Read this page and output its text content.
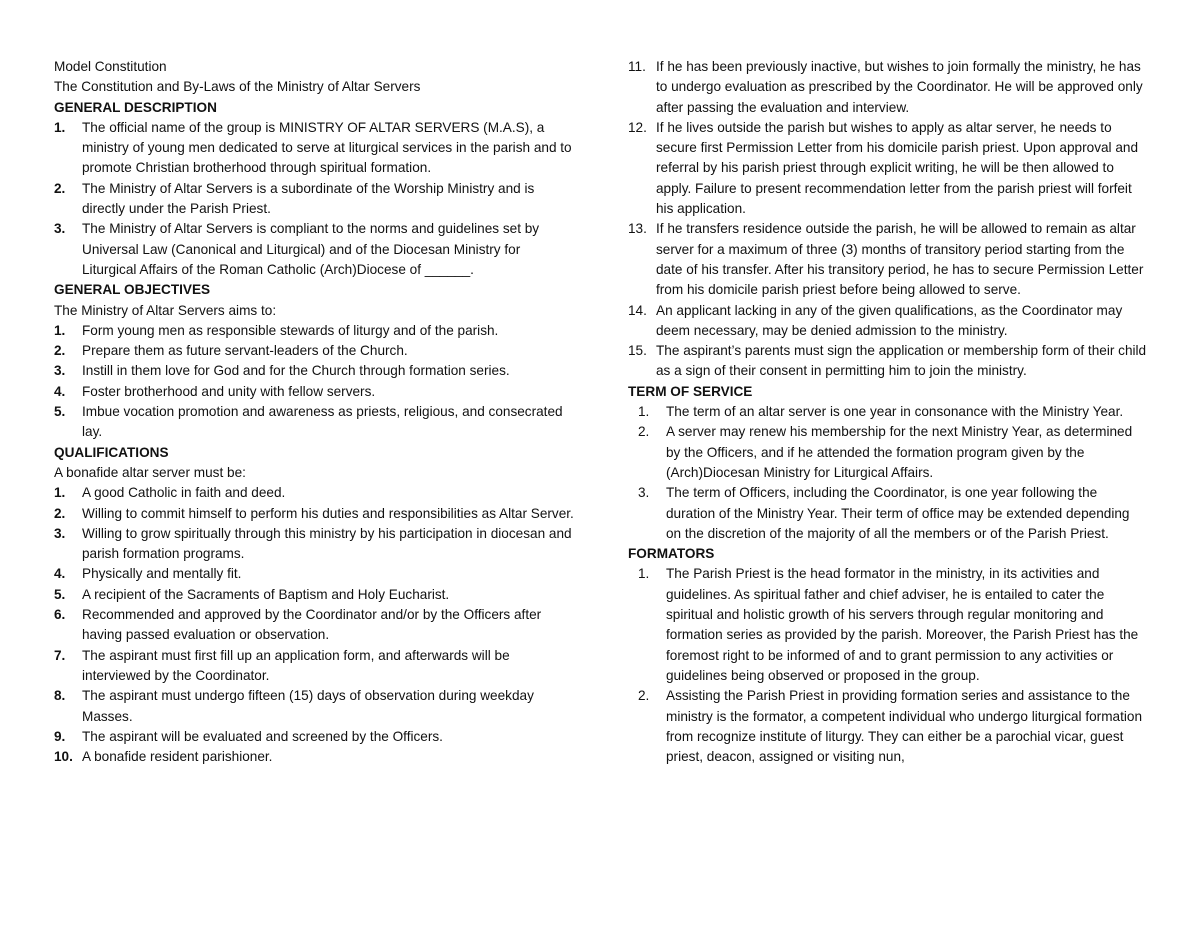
Model Constitution

The Constitution and By-Laws of the Ministry of Altar Servers

GENERAL DESCRIPTION

1. The official name of the group is MINISTRY OF ALTAR SERVERS (M.A.S), a ministry of young men dedicated to serve at liturgical services in the parish and to promote Christian brotherhood through spiritual formation.
2. The Ministry of Altar Servers is a subordinate of the Worship Ministry and is directly under the Parish Priest.
3. The Ministry of Altar Servers is compliant to the norms and guidelines set by Universal Law (Canonical and Liturgical) and of the Diocesan Ministry for Liturgical Affairs of the Roman Catholic (Arch)Diocese of ______.

GENERAL OBJECTIVES

The Ministry of Altar Servers aims to:

1. Form young men as responsible stewards of liturgy and of the parish.
2. Prepare them as future servant-leaders of the Church.
3. Instill in them love for God and for the Church through formation series.
4. Foster brotherhood and unity with fellow servers.
5. Imbue vocation promotion and awareness as priests, religious, and consecrated lay.

QUALIFICATIONS

A bonafide altar server must be:

1. A good Catholic in faith and deed.
2. Willing to commit himself to perform his duties and responsibilities as Altar Server.
3. Willing to grow spiritually through this ministry by his participation in diocesan and parish formation programs.
4. Physically and mentally fit.
5. A recipient of the Sacraments of Baptism and Holy Eucharist.
6. Recommended and approved by the Coordinator and/or by the Officers after having passed evaluation or observation.
7. The aspirant must first fill up an application form, and afterwards will be interviewed by the Coordinator.
8. The aspirant must undergo fifteen (15) days of observation during weekday Masses.
9. The aspirant will be evaluated and screened by the Officers.
10. A bonafide resident parishioner.
11. If he has been previously inactive, but wishes to join formally the ministry, he has to undergo evaluation as prescribed by the Coordinator. He will be approved only after passing the evaluation and interview.
12. If he lives outside the parish but wishes to apply as altar server, he needs to secure first Permission Letter from his domicile parish priest. Upon approval and referral by his parish priest through explicit writing, he will be then allowed to apply. Failure to present recommendation letter from the parish priest will forfeit his application.
13. If he transfers residence outside the parish, he will be allowed to remain as altar server for a maximum of three (3) months of transitory period starting from the date of his transfer. After his transitory period, he has to secure Permission Letter from his domicile parish priest before being allowed to serve.
14. An applicant lacking in any of the given qualifications, as the Coordinator may deem necessary, may be denied admission to the ministry.
15. The aspirant’s parents must sign the application or membership form of their child as a sign of their consent in permitting him to join the ministry.

TERM OF SERVICE

1. The term of an altar server is one year in consonance with the Ministry Year.
2. A server may renew his membership for the next Ministry Year, as determined by the Officers, and if he attended the formation program given by the (Arch)Diocesan Ministry for Liturgical Affairs.
3. The term of Officers, including the Coordinator, is one year following the duration of the Ministry Year. Their term of office may be extended depending on the discretion of the majority of all the members or of the Parish Priest.

FORMATORS

1. The Parish Priest is the head formator in the ministry, in its activities and guidelines. As spiritual father and chief adviser, he is entailed to cater the spiritual and holistic growth of his servers through regular monitoring and formation series as provided by the parish. Moreover, the Parish Priest has the foremost right to be informed of and to grant permission to any activities or guidelines being observed or proposed in the group.
2. Assisting the Parish Priest in providing formation series and assistance to the ministry is the formator, a competent individual who undergo liturgical formation from recognize institute of liturgy. They can either be a parochial vicar, guest priest, deacon, assigned or visiting nun,
